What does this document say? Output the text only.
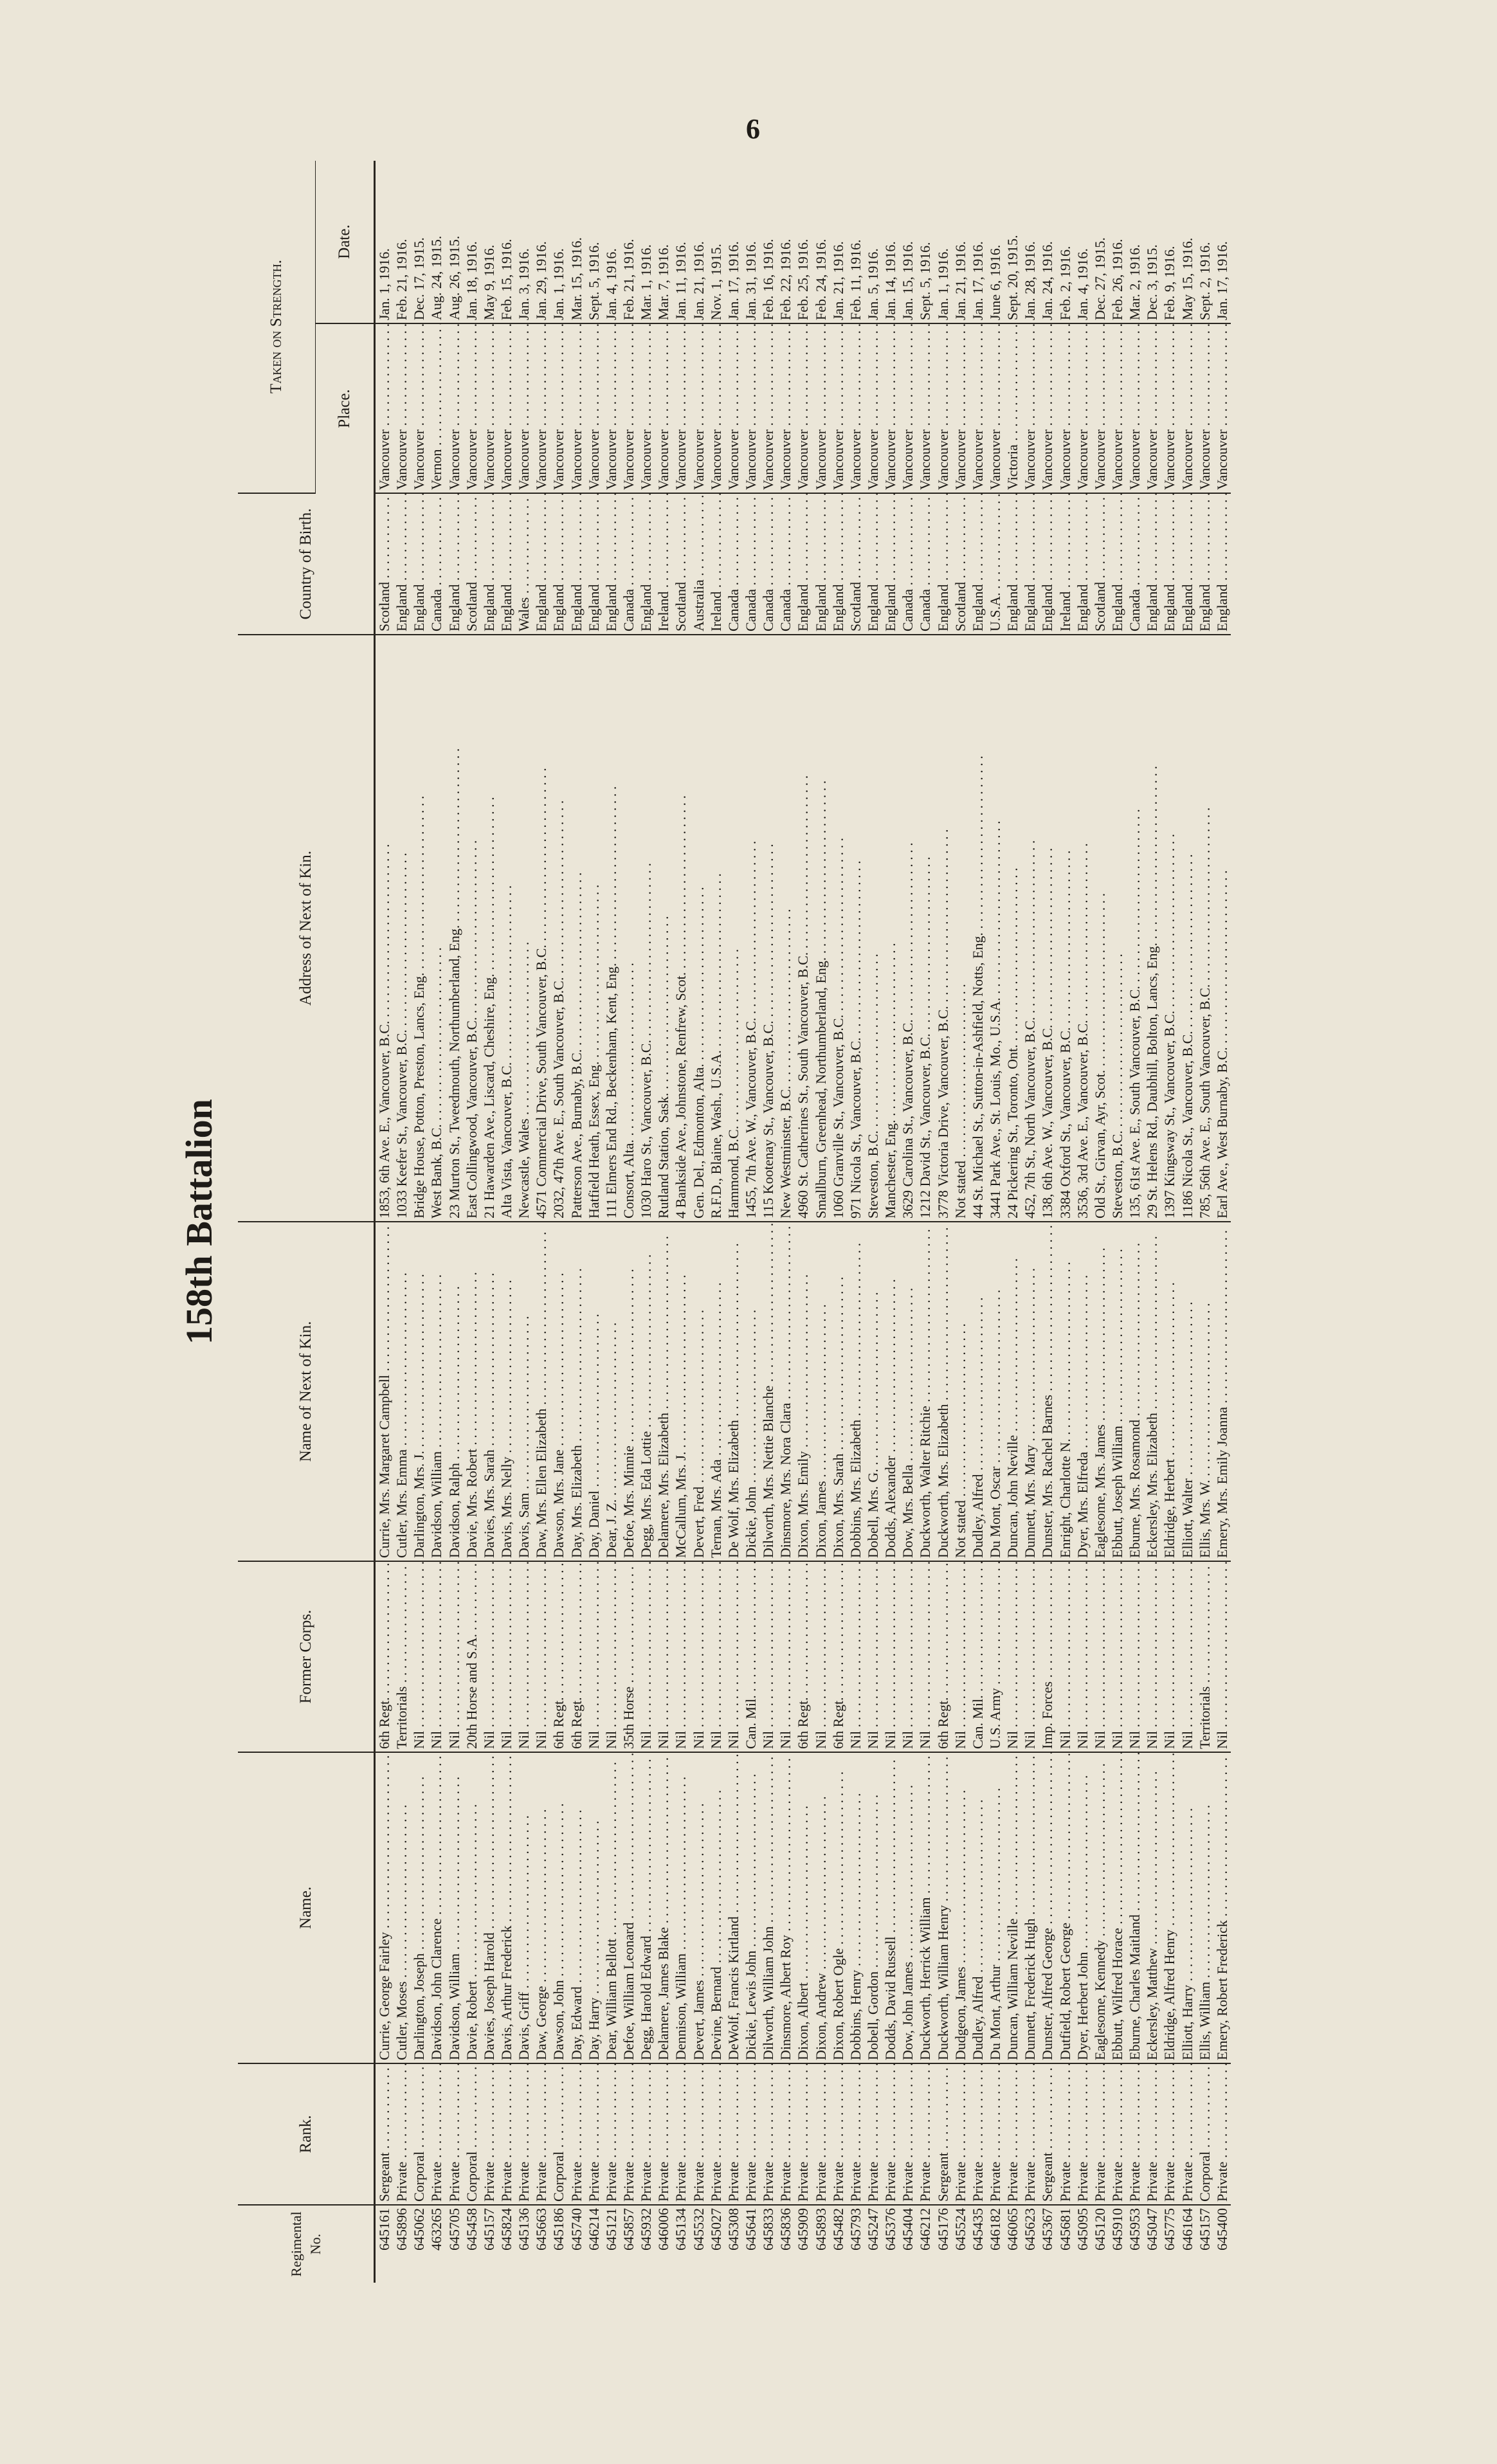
6
158th Battalion
Regimental No.	Rank.	Name.	Former Corps.	Name of Next of Kin.	Address of Next of Kin.	Country of Birth.	Taken on Strength.	
							Place.	Date.
645161	Sergeant . . .	Currie, George Fairley . . .	6th Regt. . . .	Currie, Mrs. Margaret Campbell . . .	1853, 6th Ave. E., Vancouver, B.C. . . .	Scotland . . .	Vancouver . . .	Jan. 1, 1916.
645896	Private . . .	Cutler, Moses . . .	Territorials . . .	Cutler, Mrs. Emma . . .	1033 Keefer St., Vancouver, B.C. . . .	England . . .	Vancouver . . .	Feb. 21, 1916.
645062	Corporal . . .	Darlington, Joseph . . .	Nil . . .	Darlington, Mrs. J. . . .	Bridge House, Potton, Preston, Lancs, Eng. . . .	England . . .	Vancouver . . .	Dec. 17, 1915.
463265	Private . . .	Davidson, John Clarence . . .	Nil . . .	Davidson, William . . .	West Bank, B.C. . . .	Canada . . .	Vernon . . .	Aug. 24, 1915.
645705	Private . . .	Davidson, William . . .	Nil . . .	Davidson, Ralph . . .	23 Murton St., Tweedmouth, Northumberland, Eng. . . .	England . . .	Vancouver . . .	Aug. 26, 1915.
645458	Corporal . . .	Davie, Robert . . .	20th Horse and S.A. . . .	Davie, Mrs. Robert . . .	East Collingwood, Vancouver, B.C. . . .	Scotland . . .	Vancouver . . .	Jan. 18, 1916.
645157	Private . . .	Davies, Joseph Harold . . .	Nil . . .	Davies, Mrs. Sarah . . .	21 Hawarden Ave., Liscard, Cheshire, Eng. . . .	England . . .	Vancouver . . .	May 9, 1916.
645824	Private . . .	Davis, Arthur Frederick . . .	Nil . . .	Davis, Mrs. Nelly . . .	Alta Vista, Vancouver, B.C. . . .	England . . .	Vancouver . . .	Feb. 15, 1916.
645136	Private . . .	Davis, Griff . . .	Nil . . .	Davis, Sam . . .	Newcastle, Wales . . .	Wales . . .	Vancouver . . .	Jan. 3, 1916.
645663	Private . . .	Daw, George . . .	Nil . . .	Daw, Mrs. Ellen Elizabeth . . .	4571 Commercial Drive, South Vancouver, B.C. . . .	England . . .	Vancouver . . .	Jan. 29, 1916.
645186	Corporal . . .	Dawson, John . . .	6th Regt. . . .	Dawson, Mrs. Jane . . .	2032, 47th Ave. E., South Vancouver, B.C. . . .	England . . .	Vancouver . . .	Jan. 1, 1916.
645740	Private . . .	Day, Edward . . .	6th Regt. . . .	Day, Mrs. Elizabeth . . .	Patterson Ave., Burnaby, B.C. . . .	England . . .	Vancouver . . .	Mar. 15, 1916.
646214	Private . . .	Day, Harry . . .	Nil . . .	Day, Daniel . . .	Hatfield Heath, Essex, Eng. . . .	England . . .	Vancouver . . .	Sept. 5, 1916.
645121	Private . . .	Dear, William Bellott . . .	Nil . . .	Dear, J. Z. . . .	111 Elmers End Rd., Beckenham, Kent, Eng. . . .	England . . .	Vancouver . . .	Jan. 4, 1916.
645857	Private . . .	Defoe, William Leonard . . .	35th Horse . . .	Defoe, Mrs. Minnie . . .	Consort, Alta. . . .	Canada . . .	Vancouver . . .	Feb. 21, 1916.
645932	Private . . .	Degg, Harold Edward . . .	Nil . . .	Degg, Mrs. Eda Lottie . . .	1030 Haro St., Vancouver, B.C. . . .	England . . .	Vancouver . . .	Mar. 1, 1916.
646006	Private . . .	Delamere, James Blake . . .	Nil . . .	Delamere, Mrs. Elizabeth . . .	Rutland Station, Sask. . . .	Ireland . . .	Vancouver . . .	Mar. 7, 1916.
645134	Private . . .	Dennison, William . . .	Nil . . .	McCallum, Mrs. J. . . .	4 Bankside Ave., Johnstone, Renfrew, Scot. . . .	Scotland . . .	Vancouver . . .	Jan. 11, 1916.
645532	Private . . .	Devert, James . . .	Nil . . .	Devert, Fred . . .	Gen. Del., Edmonton, Alta. . . .	Australia . . .	Vancouver . . .	Jan. 21, 1916.
645027	Private . . .	Devine, Bernard . . .	Nil . . .	Ternan, Mrs. Ada . . .	R.F.D., Blaine, Wash., U.S.A. . . .	Ireland . . .	Vancouver . . .	Nov. 1, 1915.
645308	Private . . .	DeWolf, Francis Kirtland . . .	Nil . . .	De Wolf, Mrs. Elizabeth . . .	Hammond, B.C. . . .	Canada . . .	Vancouver . . .	Jan. 17, 1916.
645641	Private . . .	Dickie, Lewis John . . .	Can. Mil. . . .	Dickie, John . . .	1455, 7th Ave. W., Vancouver, B.C. . . .	Canada . . .	Vancouver . . .	Jan. 31, 1916.
645833	Private . . .	Dilworth, William John . . .	Nil . . .	Dilworth, Mrs. Nettie Blanche . . .	115 Kootenay St., Vancouver, B.C. . . .	Canada . . .	Vancouver . . .	Feb. 16, 1916.
645836	Private . . .	Dinsmore, Albert Roy . . .	Nil . . .	Dinsmore, Mrs. Nora Clara . . .	New Westminster, B.C. . . .	Canada . . .	Vancouver . . .	Feb. 22, 1916.
645909	Private . . .	Dixon, Albert . . .	6th Regt. . . .	Dixon, Mrs. Emily . . .	4960 St. Catherines St., South Vancouver, B.C. . . .	England . . .	Vancouver . . .	Feb. 25, 1916.
645893	Private . . .	Dixon, Andrew . . .	Nil . . .	Dixon, James . . .	Smallburn, Greenhead, Northumberland, Eng. . . .	England . . .	Vancouver . . .	Feb. 24, 1916.
645482	Private . . .	Dixon, Robert Ogle . . .	6th Regt. . . .	Dixon, Mrs. Sarah . . .	1060 Granville St., Vancouver, B.C. . . .	England . . .	Vancouver . . .	Jan. 21, 1916.
645793	Private . . .	Dobbins, Henry . . .	Nil . . .	Dobbins, Mrs. Elizabeth . . .	971 Nicola St., Vancouver, B.C. . . .	Scotland . . .	Vancouver . . .	Feb. 11, 1916.
645247	Private . . .	Dobell, Gordon . . .	Nil . . .	Dobell, Mrs. G. . . .	Steveston, B.C. . . .	England . . .	Vancouver . . .	Jan. 5, 1916.
645376	Private . . .	Dodds, David Russell . . .	Nil . . .	Dodds, Alexander . . .	Manchester, Eng. . . .	England . . .	Vancouver . . .	Jan. 14, 1916.
645404	Private . . .	Dow, John James . . .	Nil . . .	Dow, Mrs. Bella . . .	3629 Carolina St., Vancouver, B.C. . . .	Canada . . .	Vancouver . . .	Jan. 15, 1916.
646212	Private . . .	Duckworth, Herrick William . . .	Nil . . .	Duckworth, Walter Ritchie . . .	1212 David St., Vancouver, B.C. . . .	Canada . . .	Vancouver . . .	Sept. 5, 1916.
645176	Sergeant . . .	Duckworth, William Henry . . .	6th Regt. . . .	Duckworth, Mrs. Elizabeth . . .	3778 Victoria Drive, Vancouver, B.C. . . .	England . . .	Vancouver . . .	Jan. 1, 1916.
645524	Private . . .	Dudgeon, James . . .	Nil . . .	Not stated . . .	Not stated . . .	Scotland . . .	Vancouver . . .	Jan. 21, 1916.
645435	Private . . .	Dudley, Alfred . . .	Can. Mil. . . .	Dudley, Alfred . . .	44 St. Michael St., Sutton-in-Ashfield, Notts, Eng. . . .	England . . .	Vancouver . . .	Jan. 17, 1916.
646182	Private . . .	Du Mont, Arthur . . .	U.S. Army . . .	Du Mont, Oscar . . .	3441 Park Ave., St. Louis, Mo., U.S.A. . . .	U.S.A. . . .	Vancouver . . .	June 6, 1916.
646065	Private . . .	Duncan, William Neville . . .	Nil . . .	Duncan, John Neville . . .	24 Pickering St., Toronto, Ont. . . .	England . . .	Victoria . . .	Sept. 20, 1915.
645623	Private . . .	Dunnett, Frederick Hugh . . .	Nil . . .	Dunnett, Mrs. Mary . . .	452, 7th St., North Vancouver, B.C. . . .	England . . .	Vancouver . . .	Jan. 28, 1916.
645367	Sergeant . . .	Dunster, Alfred George . . .	Imp. Forces . . .	Dunster, Mrs. Rachel Barnes . . .	138, 6th Ave. W., Vancouver, B.C. . . .	England . . .	Vancouver . . .	Jan. 24, 1916.
645681	Private . . .	Dutfield, Robert George . . .	Nil . . .	Enright, Charlotte N. . . .	3384 Oxford St., Vancouver, B.C. . . .	Ireland . . .	Vancouver . . .	Feb. 2, 1916.
645095	Private . . .	Dyer, Herbert John . . .	Nil . . .	Dyer, Mrs. Elfreda . . .	3536, 3rd Ave. E., Vancouver, B.C. . . .	England . . .	Vancouver . . .	Jan. 4, 1916.
645120	Private . . .	Eaglesome, Kennedy . . .	Nil . . .	Eaglesome, Mrs. James . . .	Old St., Girvan, Ayr, Scot. . . .	Scotland . . .	Vancouver . . .	Dec. 27, 1915.
645910	Private . . .	Ebbutt, Wilfred Horace . . .	Nil . . .	Ebbutt, Joseph William . . .	Steveston, B.C. . . .	England . . .	Vancouver . . .	Feb. 26, 1916.
645953	Private . . .	Eburne, Charles Maitland . . .	Nil . . .	Eburne, Mrs. Rosamond . . .	135, 61st Ave. E., South Vancouver, B.C. . . .	Canada . . .	Vancouver . . .	Mar. 2, 1916.
645047	Private . . .	Eckersley, Matthew . . .	Nil . . .	Eckersley, Mrs. Elizabeth . . .	29 St. Helens Rd., Daubhill, Bolton, Lancs, Eng. . . .	England . . .	Vancouver . . .	Dec. 3, 1915.
645775	Private . . .	Eldridge, Alfred Henry . . .	Nil . . .	Eldridge, Herbert . . .	1397 Kingsway St., Vancouver, B.C. . . .	England . . .	Vancouver . . .	Feb. 9, 1916.
646164	Private . . .	Elliott, Harry . . .	Nil . . .	Elliott, Walter . . .	1186 Nicola St., Vancouver, B.C. . . .	England . . .	Vancouver . . .	May 15, 1916.
645157	Corporal . . .	Ellis, William . . .	Territorials . . .	Ellis, Mrs. W. . . .	785, 56th Ave. E., South Vancouver, B.C. . . .	England . . .	Vancouver . . .	Sept. 2, 1916.
645400	Private . . .	Emery, Robert Frederick . . .	Nil . . .	Emery, Mrs. Emily Joanna . . .	Earl Ave., West Burnaby, B.C. . . .	England . . .	Vancouver . . .	Jan. 17, 1916.
